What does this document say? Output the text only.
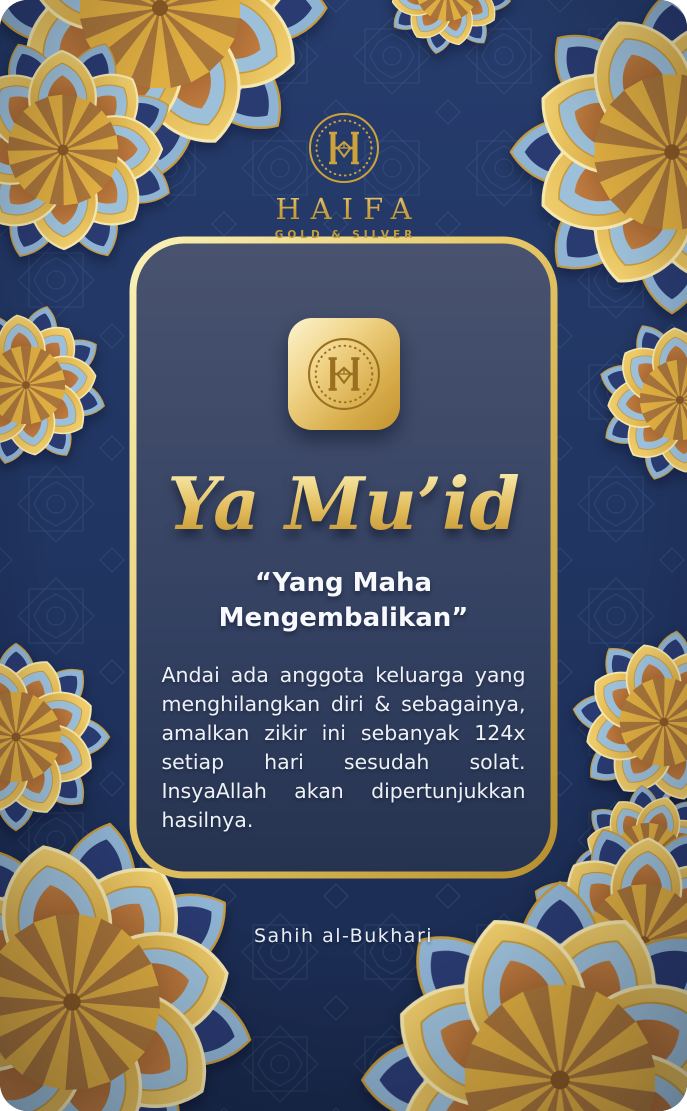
HAIFA
GOLD & SILVER
Ya Mu’id
“Yang Maha Mengembalikan”
Andai ada anggota keluarga yang menghilangkan diri & sebagainya, amalkan zikir ini sebanyak 124x setiap hari sesudah solat. InsyaAllah akan dipertunjukkan hasilnya.
Sahih al-Bukhari
